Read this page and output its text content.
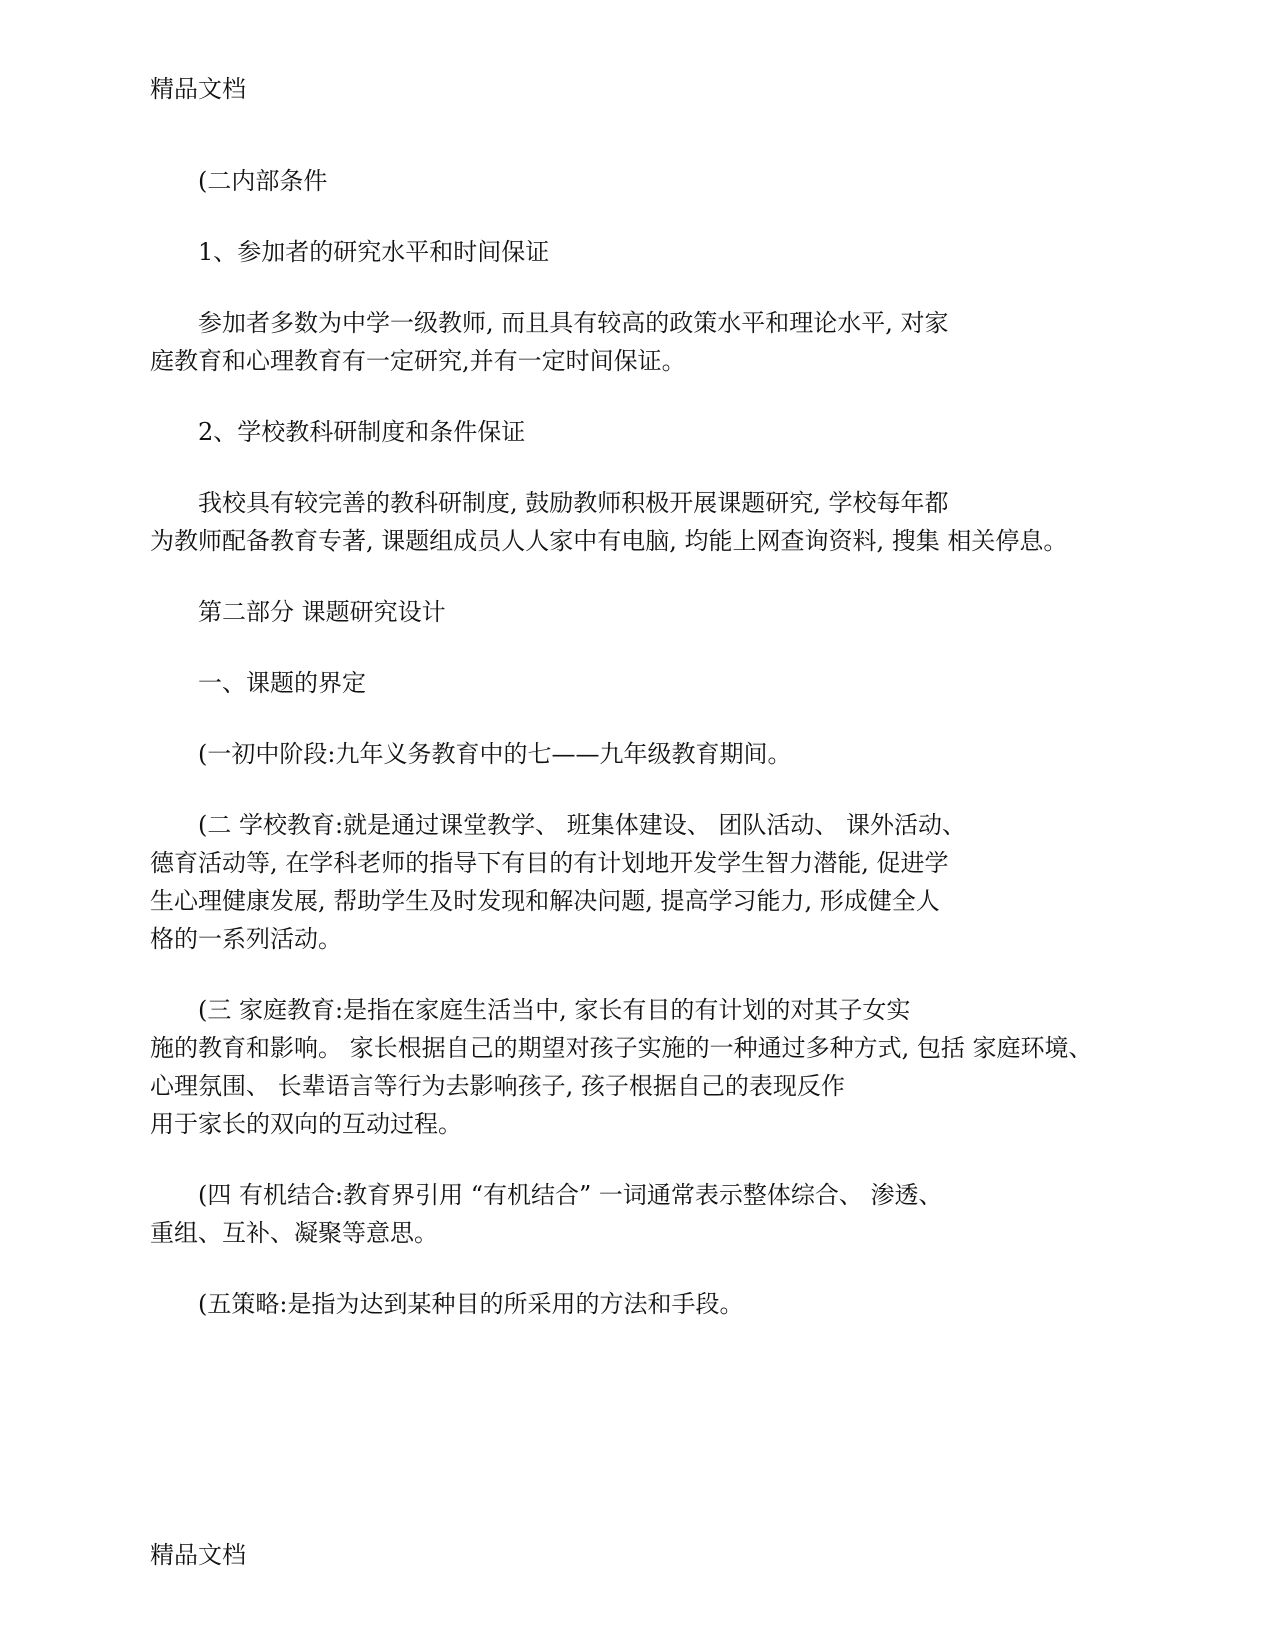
精品文档

(二内部条件

1、参加者的研究水平和时间保证

参加者多数为中学一级教师, 而且具有较高的政策水平和理论水平, 对家
庭教育和心理教育有一定研究,并有一定时间保证。

2、学校教科研制度和条件保证

我校具有较完善的教科研制度, 鼓励教师积极开展课题研究, 学校每年都
为教师配备教育专著, 课题组成员人人家中有电脑, 均能上网查询资料, 搜集 相关停息。

第二部分 课题研究设计

一、课题的界定

(一初中阶段:九年义务教育中的七——九年级教育期间。

(二 学校教育:就是通过课堂教学、 班集体建设、 团队活动、 课外活动、
德育活动等, 在学科老师的指导下有目的有计划地开发学生智力潜能, 促进学
生心理健康发展, 帮助学生及时发现和解决问题, 提高学习能力, 形成健全人
格的一系列活动。

(三 家庭教育:是指在家庭生活当中, 家长有目的有计划的对其子女实
施的教育和影响。 家长根据自己的期望对孩子实施的一种通过多种方式, 包括 家庭环境、
心理氛围、 长辈语言等行为去影响孩子, 孩子根据自己的表现反作
用于家长的双向的互动过程。

(四 有机结合:教育界引用 “有机结合” 一词通常表示整体综合、 渗透、
重组、互补、凝聚等意思。

(五策略:是指为达到某种目的所采用的方法和手段。

精品文档
